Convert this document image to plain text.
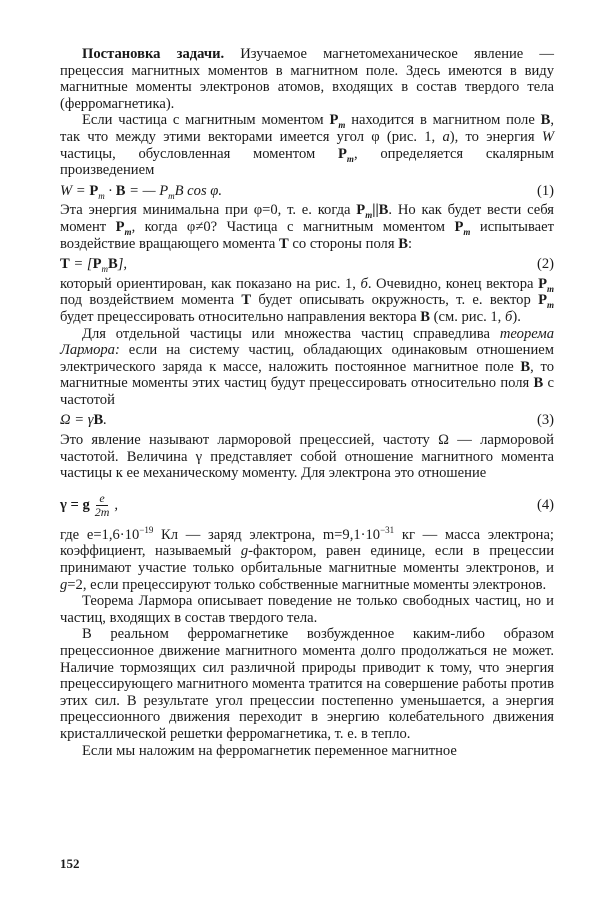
Постановка задачи. Изучаемое магнетомеханическое явление — прецессия магнитных моментов в магнитном поле. Здесь имеются в виду магнитные моменты электронов атомов, входящих в состав твердого тела (ферромагнетика).

Если частица с магнитным моментом $P_m$ находится в магнитном поле B, так что между этими векторами имеется угол φ (рис. 1, а), то энергия W частицы, обусловленная моментом $P_m$, определяется скалярным произведением

$W = P_m \cdot B$ = — $P_mB$ cos φ.	(1)

Эта энергия минимальна при φ=0, т. е. когда $P_m||B$. Но как будет вести себя момент $P_m$, когда φ≠0? Частица с магнитным моментом $P_m$ испытывает воздействие вращающего момента T со стороны поля B:

$T = [P_mB]$,	(2)

который ориентирован, как показано на рис. 1, б. Очевидно, конец вектора $P_m$ под воздействием момента T будет описывать окружность, т. е. вектор $P_m$ будет прецессировать относительно направления вектора B (см. рис. 1, б).

Для отдельной частицы или множества частиц справедлива теорема Лармора: если на систему частиц, обладающих одинаковым отношением электрического заряда к массе, наложить постоянное магнитное поле B, то магнитные моменты этих частиц будут прецессировать относительно поля B с частотой

Ω = γB.	(3)

Это явление называют ларморовой прецессией, частоту Ω — ларморовой частотой. Величина γ представляет собой отношение магнитного момента частицы к ее механическому моменту. Для электрона это отношение

γ = g $\frac{e}{2m}$ ,	(4)

где $e=1,6\cdot 10^{-19}$ Кл — заряд электрона, $m=9,1\cdot 10^{-31}$ кг — масса электрона; коэффициент, называемый g-фактором, равен единице, если в прецессии принимают участие только орбитальные магнитные моменты электронов, и g=2, если прецессируют только собственные магнитные моменты электронов.

Теорема Лармора описывает поведение не только свободных частиц, но и частиц, входящих в состав твердого тела.

В реальном ферромагнетике возбужденное каким-либо образом прецессионное движение магнитного момента долго продолжаться не может. Наличие тормозящих сил различной природы приводит к тому, что энергия прецессирующего магнитного момента тратится на совершение работы против этих сил. В результате угол прецессии постепенно уменьшается, а энергия прецессионного движения переходит в энергию колебательного движения кристаллической решетки ферромагнетика, т. е. в тепло.

Если мы наложим на ферромагнетик переменное магнитное

152
